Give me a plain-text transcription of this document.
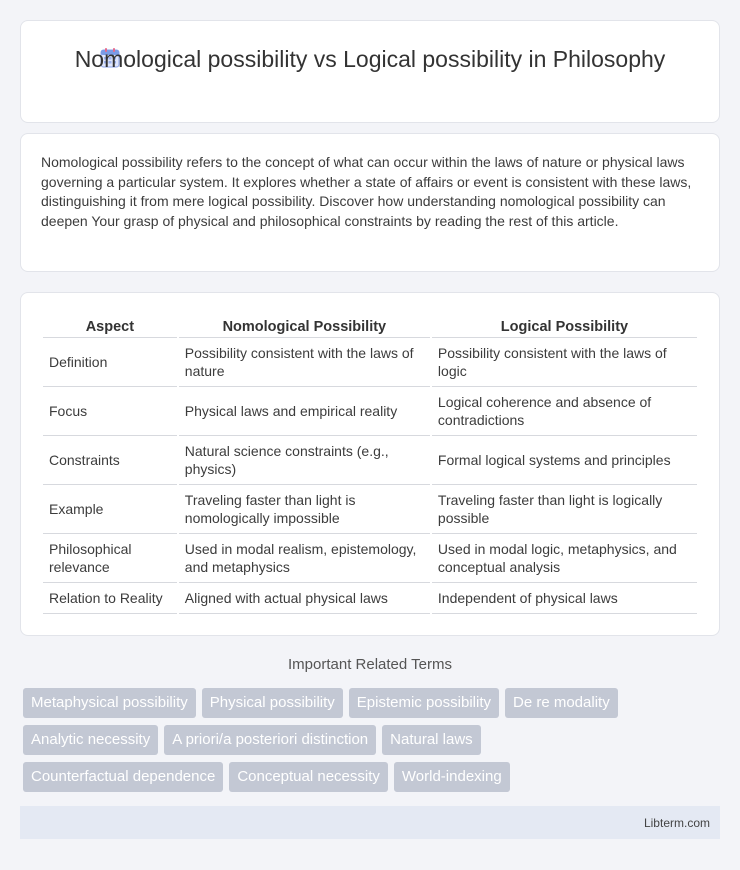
Nomological possibility vs Logical possibility in Philosophy

Nomological possibility refers to the concept of what can occur within the laws of nature or physical laws governing a particular system. It explores whether a state of affairs or event is consistent with these laws, distinguishing it from mere logical possibility. Discover how understanding nomological possibility can deepen Your grasp of physical and philosophical constraints by reading the rest of this article.

Aspect	Nomological Possibility	Logical Possibility
Definition	Possibility consistent with the laws of nature	Possibility consistent with the laws of logic
Focus	Physical laws and empirical reality	Logical coherence and absence of contradictions
Constraints	Natural science constraints (e.g., physics)	Formal logical systems and principles
Example	Traveling faster than light is nomologically impossible	Traveling faster than light is logically possible
Philosophical relevance	Used in modal realism, epistemology, and metaphysics	Used in modal logic, metaphysics, and conceptual analysis
Relation to Reality	Aligned with actual physical laws	Independent of physical laws
Important Related Terms
Metaphysical possibility	Physical possibility	Epistemic possibility	De re modality
Analytic necessity	A priori/a posteriori distinction	Natural laws
Counterfactual dependence	Conceptual necessity	World-indexing
Libterm.com
